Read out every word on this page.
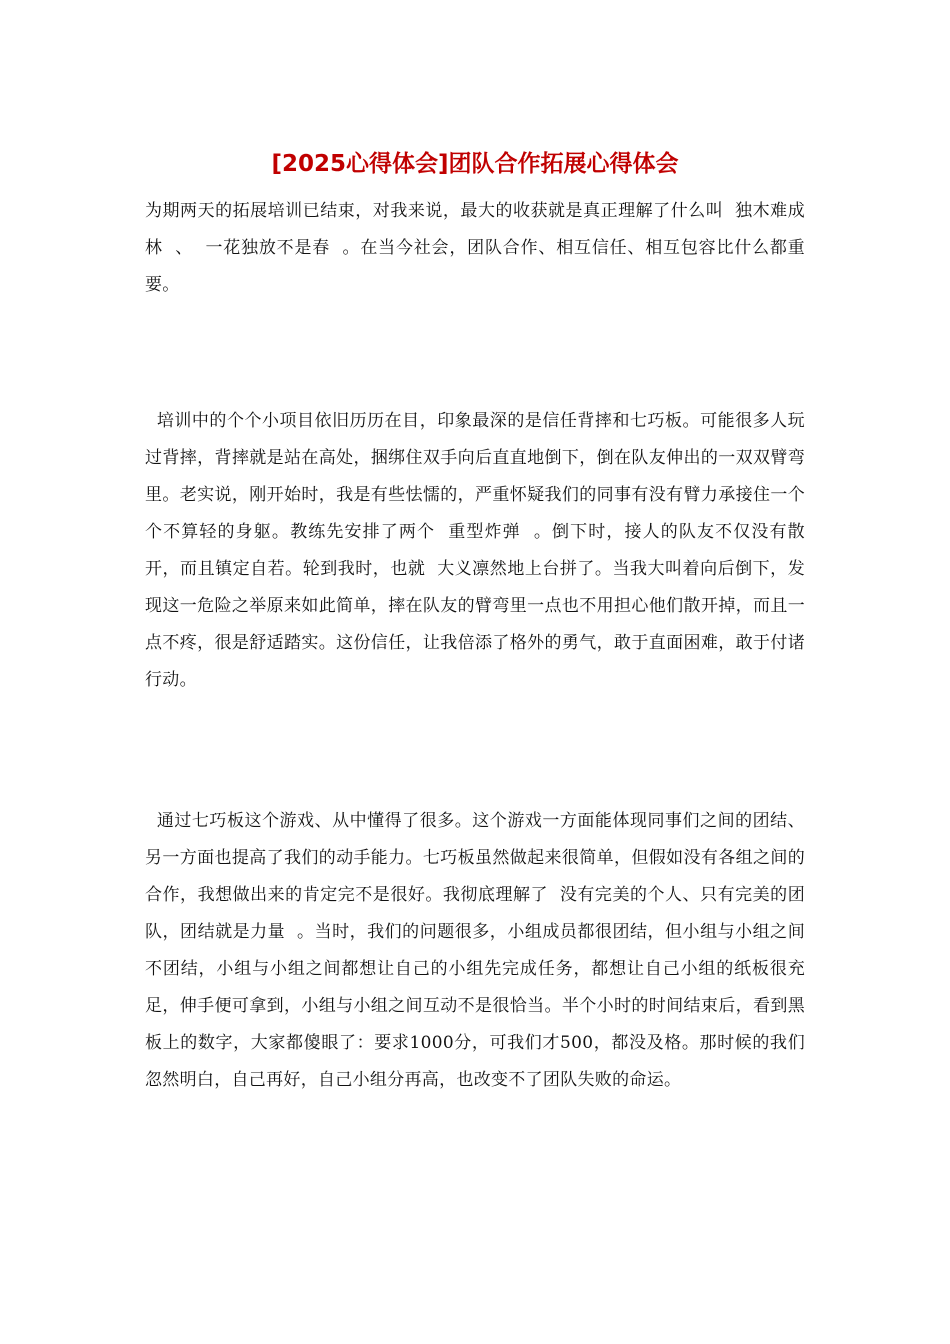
[2025心得体会]团队合作拓展心得体会

为期两天的拓展培训已结束，对我来说，最大的收获就是真正理解了什么叫  独木难成林  、  一花独放不是春  。在当今社会，团队合作、相互信任、相互包容比什么都重要。

培训中的个个小项目依旧历历在目，印象最深的是信任背摔和七巧板。可能很多人玩过背摔，背摔就是站在高处，捆绑住双手向后直直地倒下，倒在队友伸出的一双双臂弯里。老实说，刚开始时，我是有些怯懦的，严重怀疑我们的同事有没有臂力承接住一个个不算轻的身躯。教练先安排了两个  重型炸弹  。倒下时，接人的队友不仅没有散开，而且镇定自若。轮到我时，也就  大义凛然地上台拼了。当我大叫着向后倒下，发现这一危险之举原来如此简单，摔在队友的臂弯里一点也不用担心他们散开掉，而且一点不疼，很是舒适踏实。这份信任，让我倍添了格外的勇气，敢于直面困难，敢于付诸行动。

通过七巧板这个游戏、从中懂得了很多。这个游戏一方面能体现同事们之间的团结、另一方面也提高了我们的动手能力。七巧板虽然做起来很简单，但假如没有各组之间的合作，我想做出来的肯定完不是很好。我彻底理解了  没有完美的个人、只有完美的团队，团结就是力量  。当时，我们的问题很多，小组成员都很团结，但小组与小组之间不团结，小组与小组之间都想让自己的小组先完成任务，都想让自己小组的纸板很充足，伸手便可拿到，小组与小组之间互动不是很恰当。半个小时的时间结束后，看到黑板上的数字，大家都傻眼了：要求1000分，可我们才500，都没及格。那时候的我们忽然明白，自己再好，自己小组分再高，也改变不了团队失败的命运。
